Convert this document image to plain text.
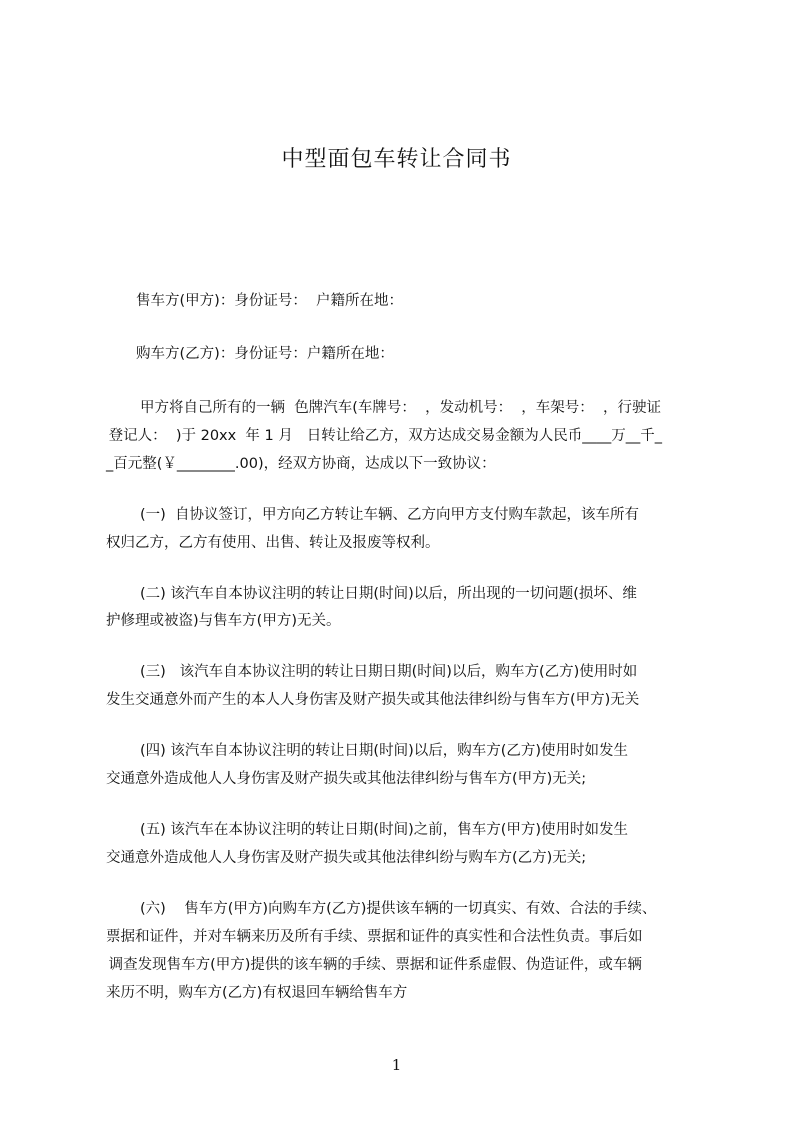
中型面包车转让合同书
售车方(甲方)：身份证号：  户籍所在地：
购车方(乙方)：身份证号：户籍所在地：
甲方将自己所有的一辆  色牌汽车(车牌号：  ，发动机号：  ，车架号：  ，行驶证
登记人：  )于 20xx  年 1 月   日转让给乙方，双方达成交易金额为人民币____万__千_
_百元整(￥________.00)，经双方协商，达成以下一致协议：
(一)  自协议签订，甲方向乙方转让车辆、乙方向甲方支付购车款起，该车所有
权归乙方，乙方有使用、出售、转让及报废等权利。
(二) 该汽车自本协议注明的转让日期(时间)以后，所出现的一切问题(损坏、维
护修理或被盗)与售车方(甲方)无关。
(三)   该汽车自本协议注明的转让日期日期(时间)以后，购车方(乙方)使用时如
发生交通意外而产生的本人人身伤害及财产损失或其他法律纠纷与售车方(甲方)无关
(四) 该汽车自本协议注明的转让日期(时间)以后，购车方(乙方)使用时如发生
交通意外造成他人人身伤害及财产损失或其他法律纠纷与售车方(甲方)无关;
(五) 该汽车在本协议注明的转让日期(时间)之前，售车方(甲方)使用时如发生
交通意外造成他人人身伤害及财产损失或其他法律纠纷与购车方(乙方)无关;
(六)    售车方(甲方)向购车方(乙方)提供该车辆的一切真实、有效、合法的手续、
票据和证件，并对车辆来历及所有手续、票据和证件的真实性和合法性负责。事后如
调查发现售车方(甲方)提供的该车辆的手续、票据和证件系虚假、伪造证件，或车辆
来历不明，购车方(乙方)有权退回车辆给售车方
1
